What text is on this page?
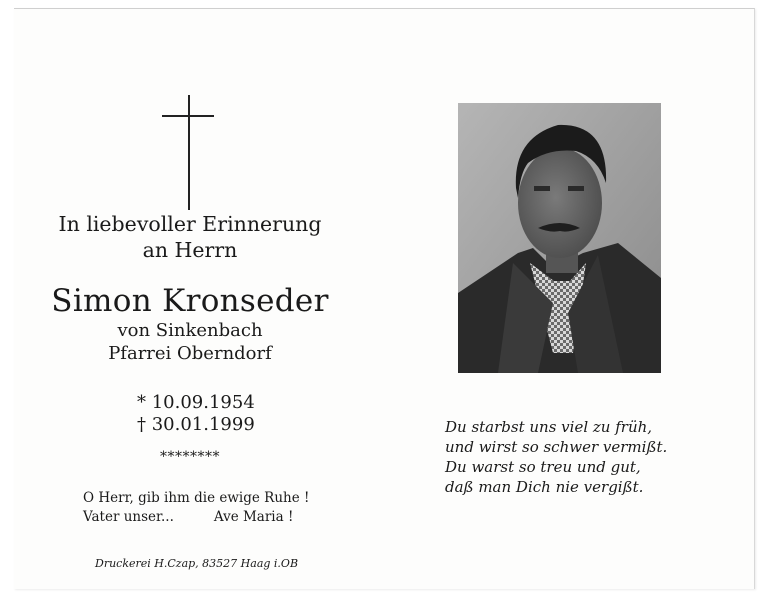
In liebevoller Erinnerung
an Herrn
Simon Kronseder
von Sinkenbach
Pfarrei Oberndorf
* 10.09.1954
† 30.01.1999
********
O Herr, gib ihm die ewige Ruhe !
Vater unser...	Ave Maria !
Druckerei H.Czap, 83527 Haag i.OB
Du starbst uns viel zu früh,
und wirst so schwer vermißt.
Du warst so treu und gut,
daß man Dich nie vergißt.
